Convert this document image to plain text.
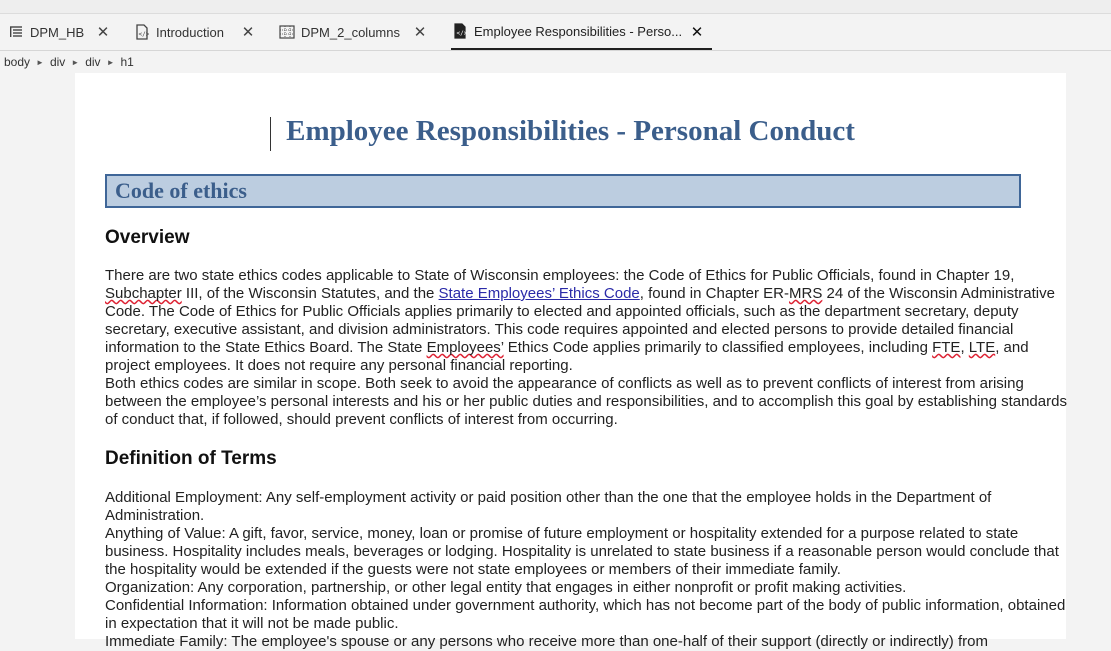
DPM_HB ✕	</> Introduction ✕	DPM_2_columns ✕	</> Employee Responsibilities - Perso... ✕
body ► div ► div ► h1
Employee Responsibilities - Personal Conduct
Code of ethics
Overview

There are two state ethics codes applicable to State of Wisconsin employees: the Code of Ethics for Public Officials, found in Chapter 19, Subchapter III, of the Wisconsin Statutes, and the State Employees’ Ethics Code, found in Chapter ER-MRS 24 of the Wisconsin Administrative Code. The Code of Ethics for Public Officials applies primarily to elected and appointed officials, such as the department secretary, deputy secretary, executive assistant, and division administrators. This code requires appointed and elected persons to provide detailed financial information to the State Ethics Board. The State Employees’ Ethics Code applies primarily to classified employees, including FTE, LTE, and project employees. It does not require any personal financial reporting.

Both ethics codes are similar in scope. Both seek to avoid the appearance of conflicts as well as to prevent conflicts of interest from arising between the employee’s personal interests and his or her public duties and responsibilities, and to accomplish this goal by establishing standards of conduct that, if followed, should prevent conflicts of interest from occurring.

Definition of Terms

Additional Employment: Any self-employment activity or paid position other than the one that the employee holds in the Department of Administration.

Anything of Value: A gift, favor, service, money, loan or promise of future employment or hospitality extended for a purpose related to state business. Hospitality includes meals, beverages or lodging. Hospitality is unrelated to state business if a reasonable person would conclude that the hospitality would be extended if the guests were not state employees or members of their immediate family.

Organization: Any corporation, partnership, or other legal entity that engages in either nonprofit or profit making activities.

Confidential Information: Information obtained under government authority, which has not become part of the body of public information, obtained in expectation that it will not be made public.

Immediate Family: The employee's spouse or any persons who receive more than one-half of their support (directly or indirectly) from
